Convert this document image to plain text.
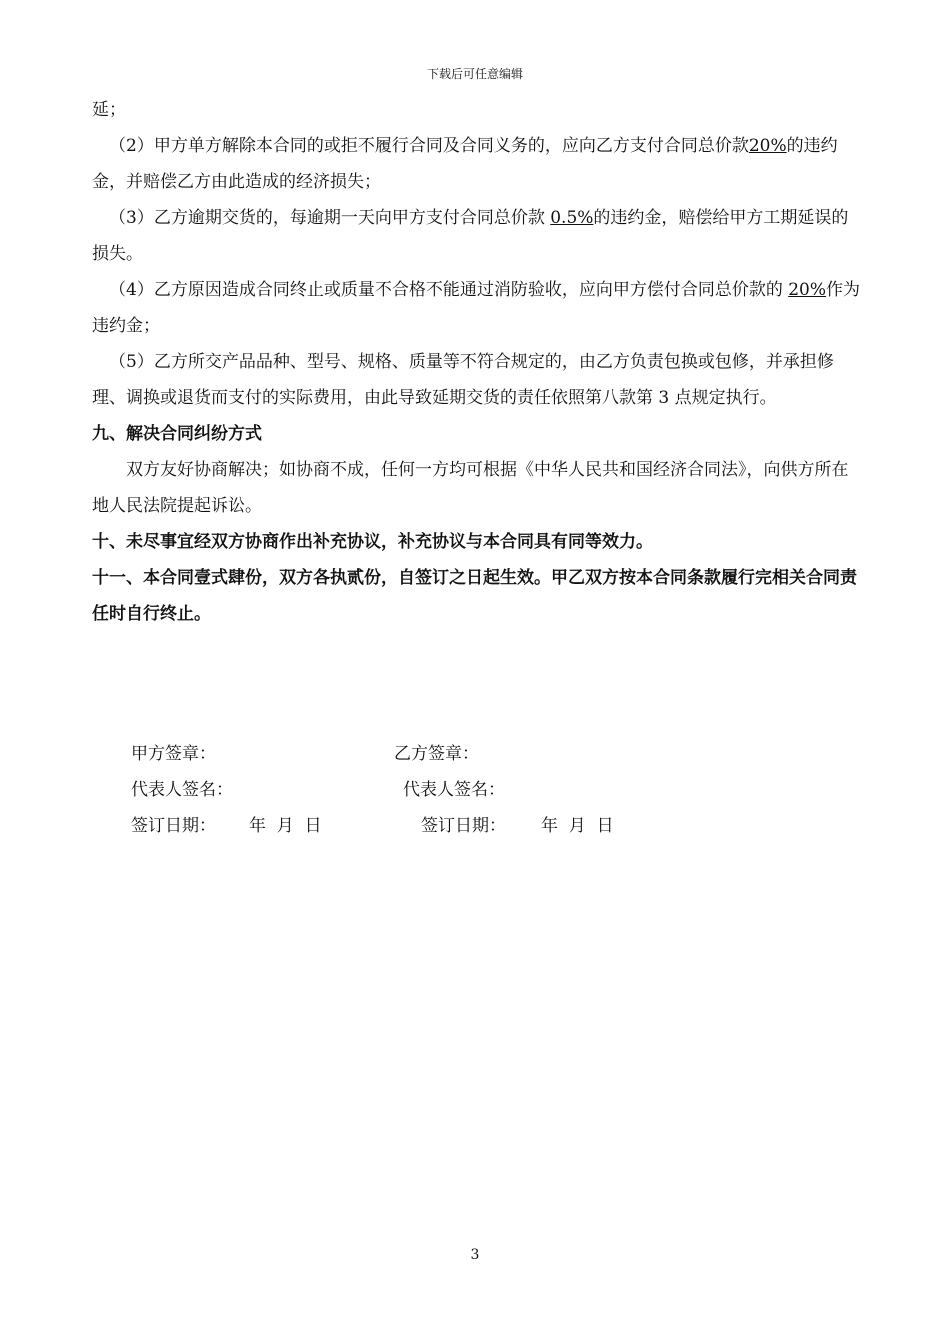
下载后可任意编辑

延；

（2）甲方单方解除本合同的或拒不履行合同及合同义务的，应向乙方支付合同总价款20%的违约金，并赔偿乙方由此造成的经济损失；

（3）乙方逾期交货的，每逾期一天向甲方支付合同总价款 0.5%的违约金，赔偿给甲方工期延误的损失。

（4）乙方原因造成合同终止或质量不合格不能通过消防验收，应向甲方偿付合同总价款的 20%作为违约金；

（5）乙方所交产品品种、型号、规格、质量等不符合规定的，由乙方负责包换或包修，并承担修理、调换或退货而支付的实际费用，由此导致延期交货的责任依照第八款第 3 点规定执行。

九、解决合同纠纷方式

双方友好协商解决；如协商不成，任何一方均可根据《中华人民共和国经济合同法》，向供方所在地人民法院提起诉讼。

十、未尽事宜经双方协商作出补充协议，补充协议与本合同具有同等效力。

十一、本合同壹式肆份，双方各执贰份，自签订之日起生效。甲乙双方按本合同条款履行完相关合同责任时自行终止。

甲方签章：	乙方签章：
代表人签名：	代表人签名：
签订日期： 年  月  日	签订日期： 年  月  日
3
